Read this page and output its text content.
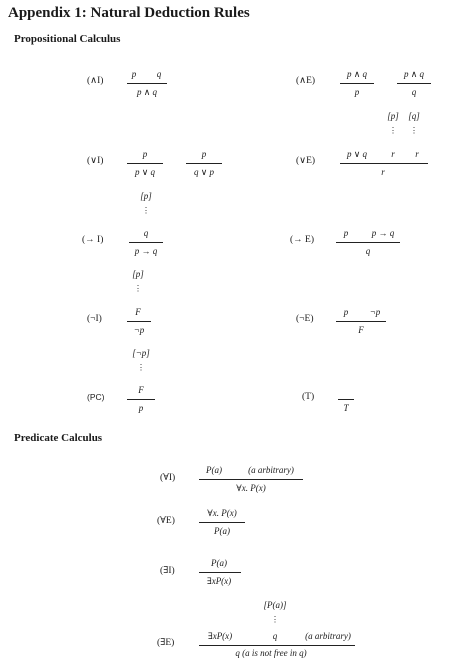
Appendix 1: Natural Deduction Rules
Propositional Calculus
(∧I)
p q
p ∧ q
(∧E)
p ∧ q
p
p ∧ q
q
(∨I)
p
p ∨ q
p
q ∨ p
(∨E)
[p] [q]
⋮ ⋮
p ∨ q	r r
r
(→ I)
[p]
⋮
q
p → q
(→ E)
p	p → q
q
(¬I)
[p]
⋮
F
¬p
(¬E)
p ¬p
F
(PC)
[¬p]
⋮
F
p
(T)
T
Predicate Calculus
(∀I)
P(a)	(a arbitrary)
∀x. P(x)
(∀E)
∀x. P(x)
P(a)
(∃I)
P(a)
∃xP(x)
(∃E)
[P(a)]
⋮
∃xP(x)	q	(a arbitrary)
q (a is not free in q)
